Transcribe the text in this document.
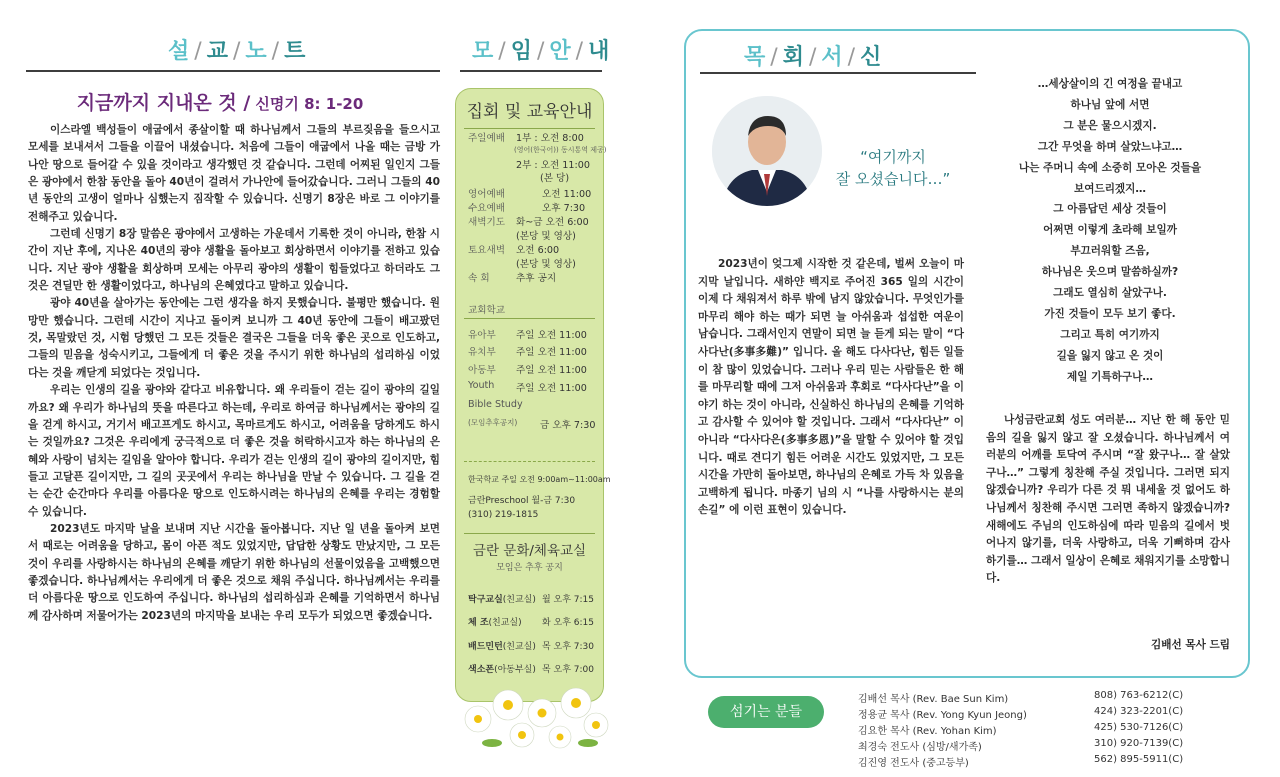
설 / 교 / 노 / 트
지금까지 지내온 것 / 신명기 8: 1-20

이스라엘 백성들이 애굽에서 종살이할 때 하나님께서 그들의 부르짖음을 들으시고 모세를 보내셔서 그들을 이끌어 내셨습니다. 처음에 그들이 애굽에서 나올 때는 금방 가나안 땅으로 들어갈 수 있을 것이라고 생각했던 것 같습니다. 그런데 어찌된 일인지 그들은 광야에서 한참 동안을 돌아 40년이 걸려서 가나안에 들어갔습니다. 그러니 그들의 40년 동안의 고생이 얼마나 심했는지 짐작할 수 있습니다. 신명기 8장은 바로 그 이야기를 전해주고 있습니다.

그런데 신명기 8장 말씀은 광야에서 고생하는 가운데서 기록한 것이 아니라, 한참 시간이 지난 후에, 지나온 40년의 광야 생활을 돌아보고 회상하면서 이야기를 전하고 있습니다. 지난 광야 생활을 회상하며 모세는 아무리 광야의 생활이 힘들었다고 하더라도 그것은 견딜만 한 생활이었다고, 하나님의 은혜였다고 말하고 있습니다.

광야 40년을 살아가는 동안에는 그런 생각을 하지 못했습니다. 불평만 했습니다. 원망만 했습니다. 그런데 시간이 지나고 돌이켜 보니까 그 40년 동안에 그들이 배고팠던 것, 목말랐던 것, 시험 당했던 그 모든 것들은 결국은 그들을 더욱 좋은 곳으로 인도하고, 그들의 믿음을 성숙시키고, 그들에게 더 좋은 것을 주시기 위한 하나님의 섭리하심 이었다는 것을 깨닫게 되었다는 것입니다.

우리는 인생의 길을 광야와 같다고 비유합니다. 왜 우리들이 걷는 길이 광야의 길일까요? 왜 우리가 하나님의 뜻을 따른다고 하는데, 우리로 하여금 하나님께서는 광야의 길을 걷게 하시고, 거기서 배고프게도 하시고, 목마르게도 하시고, 어려움을 당하게도 하시는 것일까요? 그것은 우리에게 궁극적으로 더 좋은 것을 허락하시고자 하는 하나님의 은혜와 사랑이 넘치는 길임을 알아야 합니다. 우리가 걷는 인생의 길이 광야의 길이지만, 힘들고 고달픈 길이지만, 그 길의 곳곳에서 우리는 하나님을 만날 수 있습니다. 그 길을 걷는 순간 순간마다 우리를 아름다운 땅으로 인도하시려는 하나님의 은혜를 우리는 경험할 수 있습니다.

2023년도 마지막 날을 보내며 지난 시간을 돌아봅니다. 지난 일 년을 돌아켜 보면서 때로는 어려움을 당하고, 몸이 아픈 적도 있었지만, 답답한 상황도 만났지만, 그 모든 것이 우리를 사랑하시는 하나님의 은혜를 깨닫기 위한 하나님의 선물이었음을 고백했으면 좋겠습니다. 하나님께서는 우리에게 더 좋은 것으로 채워 주십니다. 하나님께서는 우리를 더 아름다운 땅으로 인도하여 주십니다. 하나님의 섭리하심과 은혜를 기억하면서 하나님께 감사하며 저물어가는 2023년의 마지막을 보내는 우리 모두가 되었으면 좋겠습니다.

모 / 임 / 안 / 내
집회 및 교육안내
주일예배 1부 : 오전 8:00
(영어(한국어)) 동시통역 제공)
2부 : 오전 11:00
(본 당)
영어예배	오전 11:00
수요예배	오후 7:30
새벽기도 화~금 오전 6:00
(본당 및 영상)
토요새벽 오전 6:00
(본당 및 영상)
속 회	추후 공지
교회학교
유아부 주일 오전 11:00
유치부 주일 오전 11:00
아동부 주일 오전 11:00
Youth 주일 오전 11:00
Bible Study
(모임추후공지) 금 오후 7:30
한국학교 주일 오전 9:00am~11:00am
금란Preschool 월-금 7:30
(310) 219-1815
금란 문화/체육교실
모임은 추후 공지
탁구교실(친교실) 월 오후 7:15
체 조(친교실) 화 오후 6:15
배드민턴(친교실) 목 오후 7:30
색소폰(아동부실) 목 오후 7:00
목 / 회 / 서 / 신
“여기까지
잘 오셨습니다…”

2023년이 엊그제 시작한 것 같은데, 벌써 오늘이 마지막 날입니다. 새하얀 백지로 주어진 365 일의 시간이 이제 다 채워져서 하루 밖에 남지 않았습니다. 무엇인가를 마무리 해야 하는 때가 되면 늘 아쉬움과 섭섭한 여운이 남습니다. 그래서인지 연말이 되면 늘 듣게 되는 말이 “다사다난(多事多難)” 입니다. 올 해도 다사다난, 힘든 일들이 참 많이 있었습니다. 그러나 우리 믿는 사람들은 한 해를 마무리할 때에 그저 아쉬움과 후회로 “다사다난”을 이야기 하는 것이 아니라, 신실하신 하나님의 은혜를 기억하고 감사할 수 있어야 할 것입니다. 그래서 “다사다난” 이 아니라 “다사다은(多事多恩)”을 말할 수 있어야 할 것입니다. 때로 견디기 힘든 어려운 시간도 있었지만, 그 모든 시간을 가만히 돌아보면, 하나님의 은혜로 가득 차 있음을 고백하게 됩니다. 마종기 님의 시 “나를 사랑하시는 분의 손길” 에 이런 표현이 있습니다.

…세상살이의 긴 여정을 끝내고
하나님 앞에 서면
그 분은 물으시겠지.
그간 무엇을 하며 살았느냐고…
나는 주머니 속에 소중히 모아온 것들을
보여드리겠지…
그 아름답던 세상 것들이
어쩌면 이렇게 초라해 보일까
부끄러워할 즈음,
하나님은 웃으며 말씀하실까?
그래도 열심히 살았구나.
가진 것들이 모두 보기 좋다.
그리고 특히 여기까지
길을 잃지 않고 온 것이
제일 기특하구나…

나성금란교회 성도 여러분… 지난 한 해 동안 믿음의 길을 잃지 않고 잘 오셨습니다. 하나님께서 여러분의 어깨를 토닥여 주시며 “잘 왔구나… 잘 살았구나…” 그렇게 칭찬해 주실 것입니다. 그러면 되지 않겠습니까? 우리가 다른 것 뭐 내세울 것 없어도 하나님께서 칭찬해 주시면 그러면 족하지 않겠습니까? 새해에도 주님의 인도하심에 따라 믿음의 길에서 벗어나지 않기를, 더욱 사랑하고, 더욱 기뻐하며 감사하기를… 그래서 일상이 은혜로 채워지기를 소망합니다.

김배선 목사 드림
섬기는 분들
김배선 목사 (Rev. Bae Sun Kim)	808) 763-6212(C)
정용균 목사 (Rev. Yong Kyun Jeong)	424) 323-2201(C)
김요한 목사 (Rev. Yohan Kim)	425) 530-7126(C)
최경숙 전도사 (심방/새가족)	310) 920-7139(C)
김진영 전도사 (중고등부)	562) 895-5911(C)
